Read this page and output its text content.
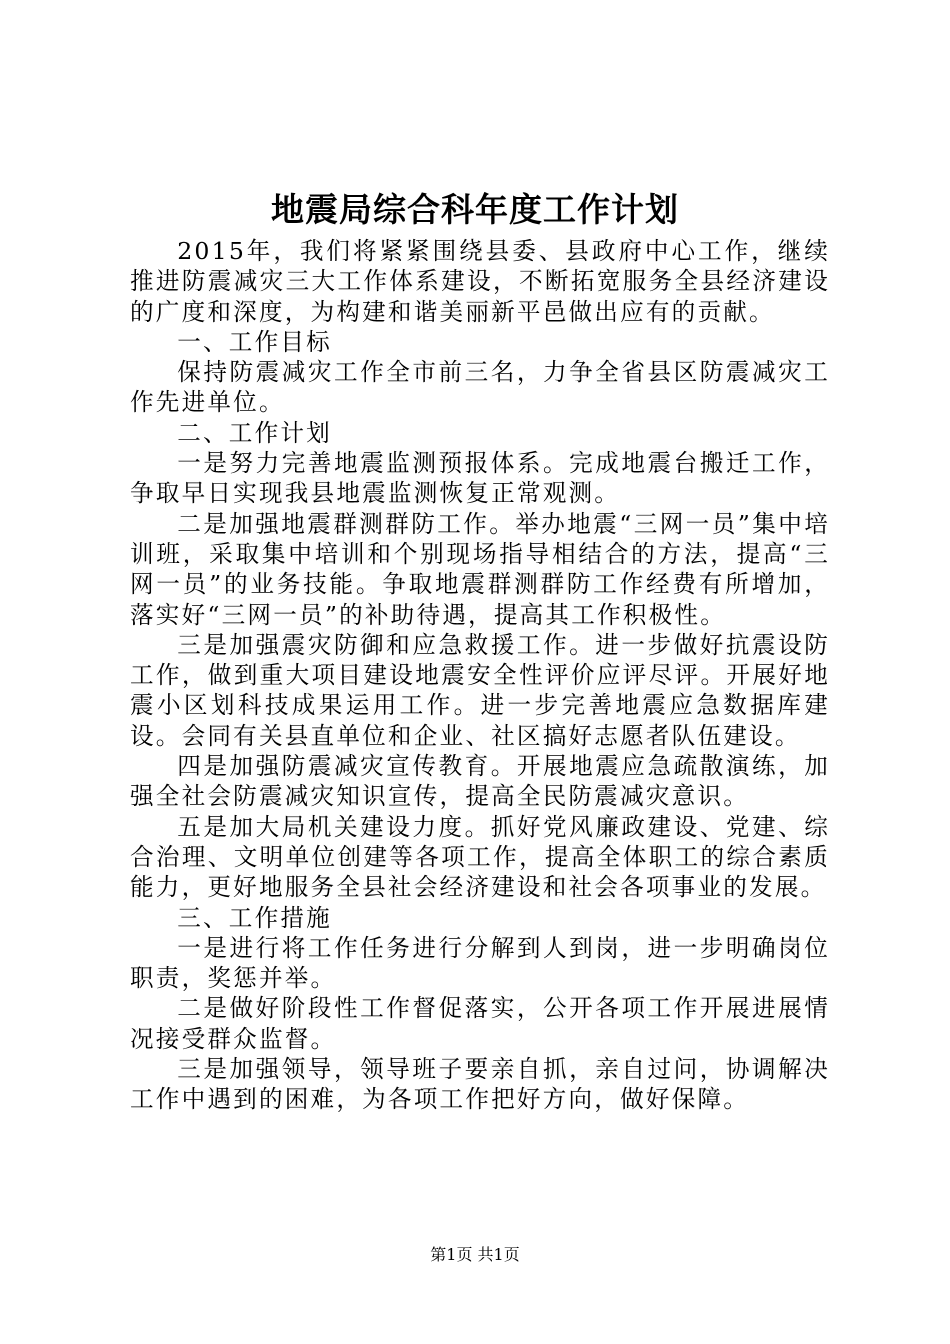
地震局综合科年度工作计划

2015年，我们将紧紧围绕县委、县政府中心工作，继续推进防震减灾三大工作体系建设，不断拓宽服务全县经济建设的广度和深度，为构建和谐美丽新平邑做出应有的贡献。

一、工作目标

保持防震减灾工作全市前三名，力争全省县区防震减灾工作先进单位。

二、工作计划

一是努力完善地震监测预报体系。完成地震台搬迁工作，争取早日实现我县地震监测恢复正常观测。

二是加强地震群测群防工作。举办地震“三网一员”集中培训班，采取集中培训和个别现场指导相结合的方法，提高“三网一员”的业务技能。争取地震群测群防工作经费有所增加，落实好“三网一员”的补助待遇，提高其工作积极性。

三是加强震灾防御和应急救援工作。进一步做好抗震设防工作，做到重大项目建设地震安全性评价应评尽评。开展好地震小区划科技成果运用工作。进一步完善地震应急数据库建设。会同有关县直单位和企业、社区搞好志愿者队伍建设。

四是加强防震减灾宣传教育。开展地震应急疏散演练，加强全社会防震减灾知识宣传，提高全民防震减灾意识。

五是加大局机关建设力度。抓好党风廉政建设、党建、综合治理、文明单位创建等各项工作，提高全体职工的综合素质能力，更好地服务全县社会经济建设和社会各项事业的发展。

三、工作措施

一是进行将工作任务进行分解到人到岗，进一步明确岗位职责，奖惩并举。

二是做好阶段性工作督促落实，公开各项工作开展进展情况接受群众监督。

三是加强领导，领导班子要亲自抓，亲自过问，协调解决工作中遇到的困难，为各项工作把好方向，做好保障。

第1页 共1页
